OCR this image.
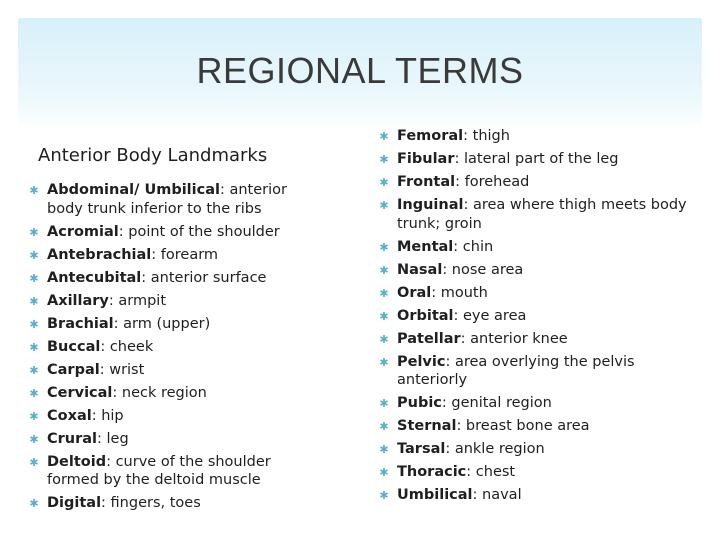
REGIONAL TERMS
Anterior Body Landmarks
✱ Abdominal/ Umbilical: anterior body trunk inferior to the ribs
✱ Acromial: point of the shoulder
✱ Antebrachial: forearm
✱ Antecubital: anterior surface
✱ Axillary: armpit
✱ Brachial: arm (upper)
✱ Buccal: cheek
✱ Carpal: wrist
✱ Cervical: neck region
✱ Coxal: hip
✱ Crural: leg
✱ Deltoid: curve of the shoulder formed by the deltoid muscle
✱ Digital: fingers, toes
✱ Femoral: thigh
✱ Fibular: lateral part of the leg
✱ Frontal: forehead
✱ Inguinal: area where thigh meets body trunk; groin
✱ Mental: chin
✱ Nasal: nose area
✱ Oral: mouth
✱ Orbital: eye area
✱ Patellar: anterior knee
✱ Pelvic: area overlying the pelvis anteriorly
✱ Pubic: genital region
✱ Sternal: breast bone area
✱ Tarsal: ankle region
✱ Thoracic: chest
✱ Umbilical: naval
